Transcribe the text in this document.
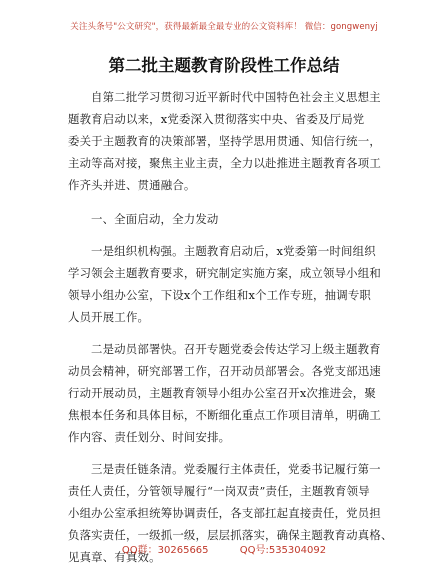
关注头条号"公文研究"，获得最新最全最专业的公文资料库！ 微信：gongwenyj
第二批主题教育阶段性工作总结

自第二批学习贯彻习近平新时代中国特色社会主义思想主
题教育启动以来，x党委深入贯彻落实中央、省委及厅局党
委关于主题教育的决策部署，坚持学思用贯通、知信行统一，
主动等高对接，聚焦主业主责，全力以赴推进主题教育各项工
作齐头并进、贯通融合。

一、全面启动，全力发动

一是组织机构强。主题教育启动后，x党委第一时间组织
学习领会主题教育要求，研究制定实施方案，成立领导小组和
领导小组办公室，下设x个工作组和x个工作专班，抽调专职
人员开展工作。

二是动员部署快。召开专题党委会传达学习上级主题教育
动员会精神，研究部署工作，召开动员部署会。各党支部迅速
行动开展动员，主题教育领导小组办公室召开x次推进会，聚
焦根本任务和具体目标，不断细化重点工作项目清单，明确工
作内容、责任划分、时间安排。

三是责任链条清。党委履行主体责任，党委书记履行第一
责任人责任，分管领导履行“一岗双责”责任，主题教育领导
小组办公室承担统筹协调责任，各支部扛起直接责任，党员担
负落实责任，一级抓一级，层层抓落实，确保主题教育动真格、
见真章、有真效。

QQ群：30265665	QQ号:535304092
